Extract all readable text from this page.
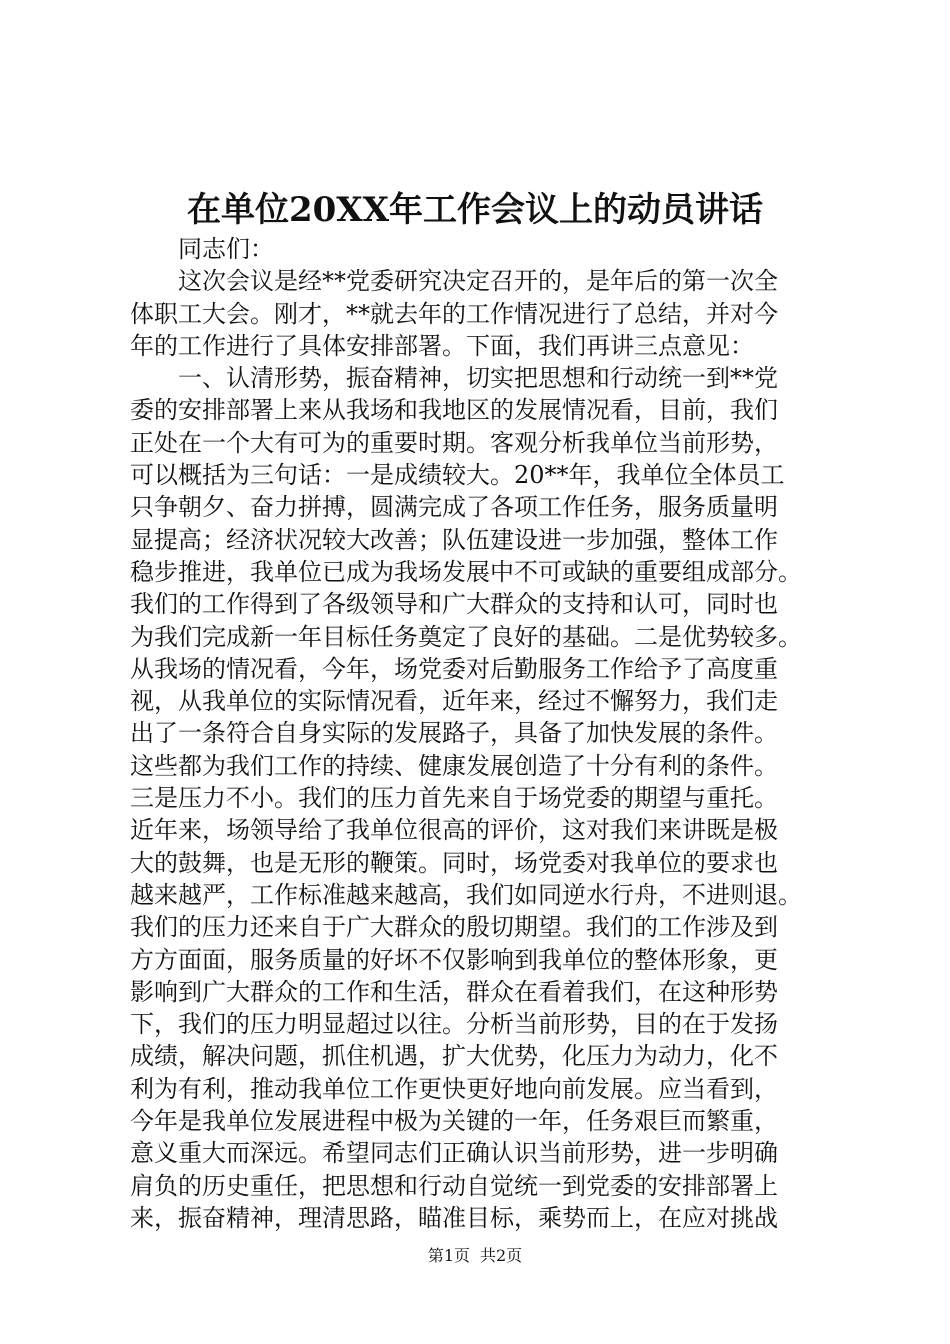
在单位20XX年工作会议上的动员讲话
同志们：
这次会议是经**党委研究决定召开的，是年后的第一次全
体职工大会。刚才，**就去年的工作情况进行了总结，并对今
年的工作进行了具体安排部署。下面，我们再讲三点意见：
一、认清形势，振奋精神，切实把思想和行动统一到**党
委的安排部署上来从我场和我地区的发展情况看，目前，我们
正处在一个大有可为的重要时期。客观分析我单位当前形势，
可以概括为三句话：一是成绩较大。20**年，我单位全体员工
只争朝夕、奋力拼搏，圆满完成了各项工作任务，服务质量明
显提高；经济状况较大改善；队伍建设进一步加强，整体工作
稳步推进，我单位已成为我场发展中不可或缺的重要组成部分。
我们的工作得到了各级领导和广大群众的支持和认可，同时也
为我们完成新一年目标任务奠定了良好的基础。二是优势较多。
从我场的情况看，今年，场党委对后勤服务工作给予了高度重
视，从我单位的实际情况看，近年来，经过不懈努力，我们走
出了一条符合自身实际的发展路子，具备了加快发展的条件。
这些都为我们工作的持续、健康发展创造了十分有利的条件。
三是压力不小。我们的压力首先来自于场党委的期望与重托。
近年来，场领导给了我单位很高的评价，这对我们来讲既是极
大的鼓舞，也是无形的鞭策。同时，场党委对我单位的要求也
越来越严，工作标准越来越高，我们如同逆水行舟，不进则退。
我们的压力还来自于广大群众的殷切期望。我们的工作涉及到
方方面面，服务质量的好坏不仅影响到我单位的整体形象，更
影响到广大群众的工作和生活，群众在看着我们，在这种形势
下，我们的压力明显超过以往。分析当前形势，目的在于发扬
成绩，解决问题，抓住机遇，扩大优势，化压力为动力，化不
利为有利，推动我单位工作更快更好地向前发展。应当看到，
今年是我单位发展进程中极为关键的一年，任务艰巨而繁重，
意义重大而深远。希望同志们正确认识当前形势，进一步明确
肩负的历史重任，把思想和行动自觉统一到党委的安排部署上
来，振奋精神，理清思路，瞄准目标，乘势而上，在应对挑战
第1页 共2页
